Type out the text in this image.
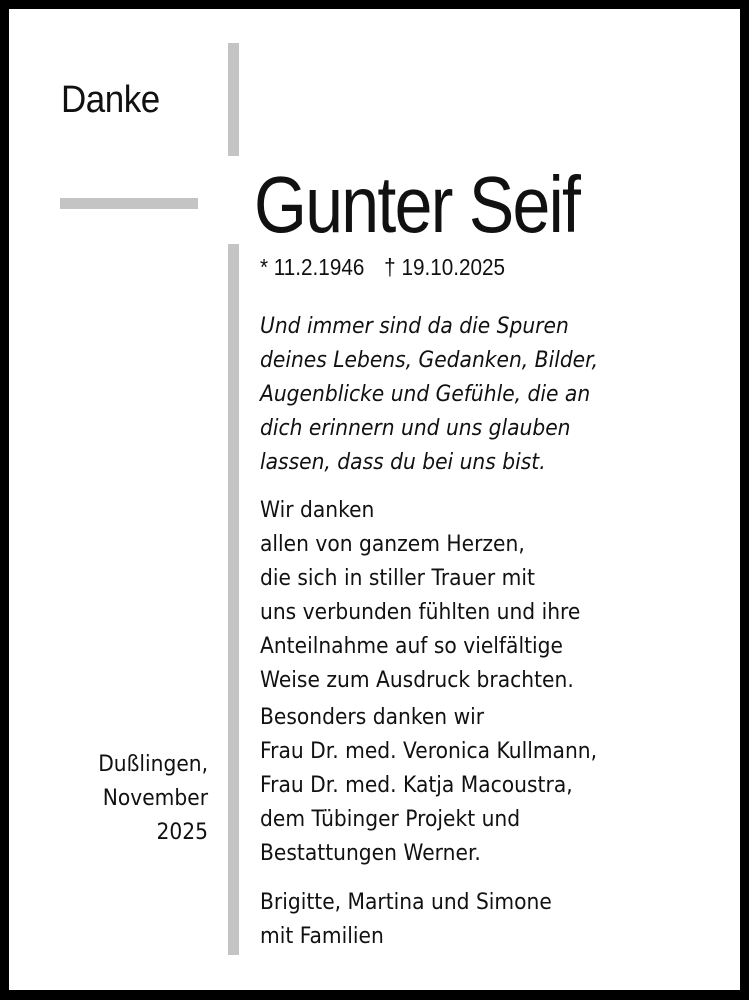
Danke
Gunter Seif
* 11.2.1946 † 19.10.2025
Und immer sind da die Spuren
deines Lebens, Gedanken, Bilder,
Augenblicke und Gefühle, die an
dich erinnern und uns glauben
lassen, dass du bei uns bist.
Wir danken
allen von ganzem Herzen,
die sich in stiller Trauer mit
uns verbunden fühlten und ihre
Anteilnahme auf so vielfältige
Weise zum Ausdruck brachten.
Besonders danken wir
Frau Dr. med. Veronica Kullmann,
Frau Dr. med. Katja Macoustra,
dem Tübinger Projekt und
Bestattungen Werner.
Brigitte, Martina und Simone
mit Familien
Dußlingen,
November
2025
